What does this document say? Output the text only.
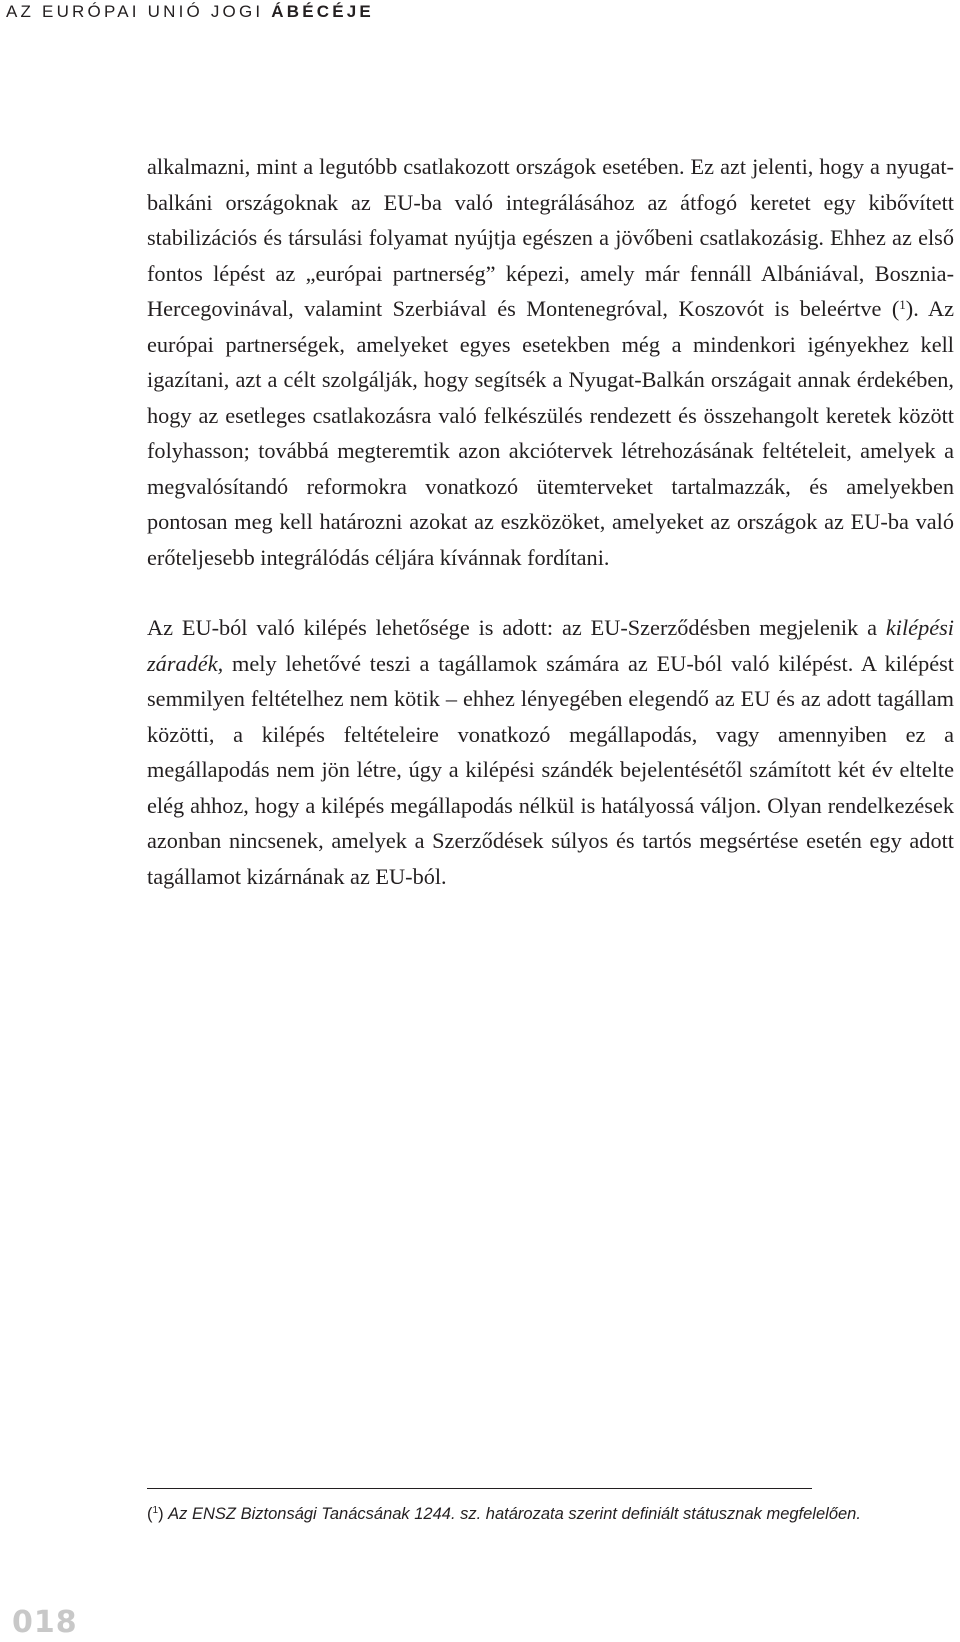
AZ EURÓPAI UNIÓ JOGI ÁBÉCÉJE

alkalmazni, mint a legutóbb csatlakozott országok esetében. Ez azt jelenti, hogy a nyugat-balkáni országoknak az EU-ba való integrálásához az átfogó keretet egy kibővített stabilizációs és társulási folyamat nyújtja egészen a jövőbeni csatlakozásig. Ehhez az első fontos lépést az „európai partnerség” képezi, amely már fennáll Albániával, Bosznia-Hercegovinával, valamint Szerbiával és Montenegróval, Koszovót is beleértve ($^1$). Az európai partnerségek, amelyeket egyes esetekben még a mindenkori igényekhez kell igazítani, azt a célt szolgálják, hogy segítsék a Nyugat-Balkán országait annak érdekében, hogy az esetleges csatlakozásra való felkészülés rendezett és összehangolt keretek között folyhasson; továbbá megteremtik azon akciótervek létrehozásának feltételeit, amelyek a megvalósítandó reformokra vonatkozó ütemterveket tartalmazzák, és amelyekben pontosan meg kell határozni azokat az eszközöket, amelyeket az országok az EU-ba való erőteljesebb integrálódás céljára kívánnak fordítani.

Az EU-ból való kilépés lehetősége is adott: az EU-Szerződésben megjelenik a kilépési záradék, mely lehetővé teszi a tagállamok számára az EU-ból való kilépést. A kilépést semmilyen feltételhez nem kötik – ehhez lényegében elegendő az EU és az adott tagállam közötti, a kilépés feltételeire vonatkozó megállapodás, vagy amennyiben ez a megállapodás nem jön létre, úgy a kilépési szándék bejelentésétől számított két év eltelte elég ahhoz, hogy a kilépés megállapodás nélkül is hatályossá váljon. Olyan rendelkezések azonban nincsenek, amelyek a Szerződések súlyos és tartós megsértése esetén egy adott tagállamot kizárnának az EU-ból.

($^1$) Az ENSZ Biztonsági Tanácsának 1244. sz. határozata szerint definiált státusznak megfelelően.
018
